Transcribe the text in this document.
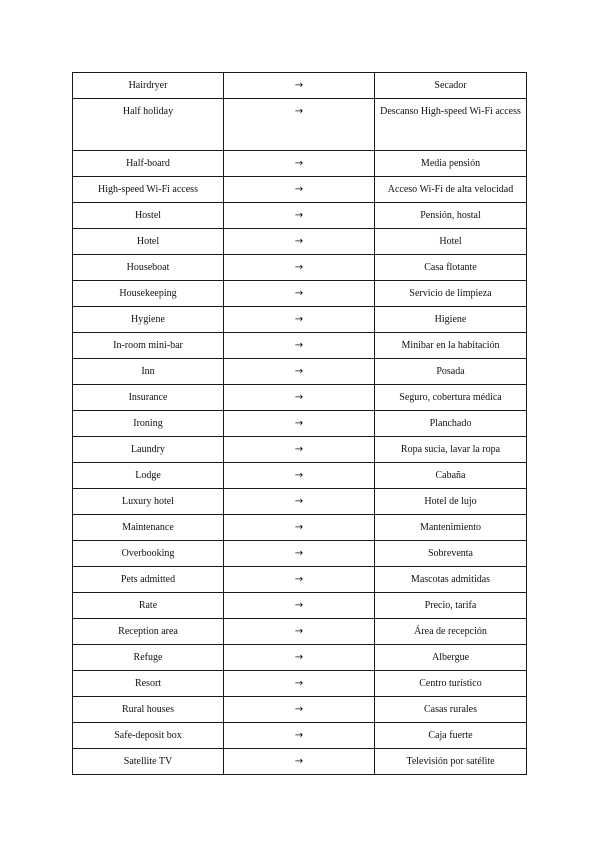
Hairdryer	→	Secador
Half holiday	→	Descanso High-speed Wi-Fi access
Half-board	→	Media pensión
High-speed Wi-Fi access	→	Acceso Wi-Fi de alta velocidad
Hostel	→	Pensión, hostal
Hotel	→	Hotel
Houseboat	→	Casa flotante
Housekeeping	→	Servicio de limpieza
Hygiene	→	Higiene
In-room mini-bar	→	Minibar en la habitación
Inn	→	Posada
Insurance	→	Seguro, cobertura médica
Ironing	→	Planchado
Laundry	→	Ropa sucia, lavar la ropa
Lodge	→	Cabaña
Luxury hotel	→	Hotel de lujo
Maintenance	→	Mantenimiento
Overbooking	→	Sobreventa
Pets admitted	→	Mascotas admitidas
Rate	→	Precio, tarifa
Reception area	→	Área de recepción
Refuge	→	Albergue
Resort	→	Centro turístico
Rural houses	→	Casas rurales
Safe-deposit box	→	Caja fuerte
Satellite TV	→	Televisión por satélite
